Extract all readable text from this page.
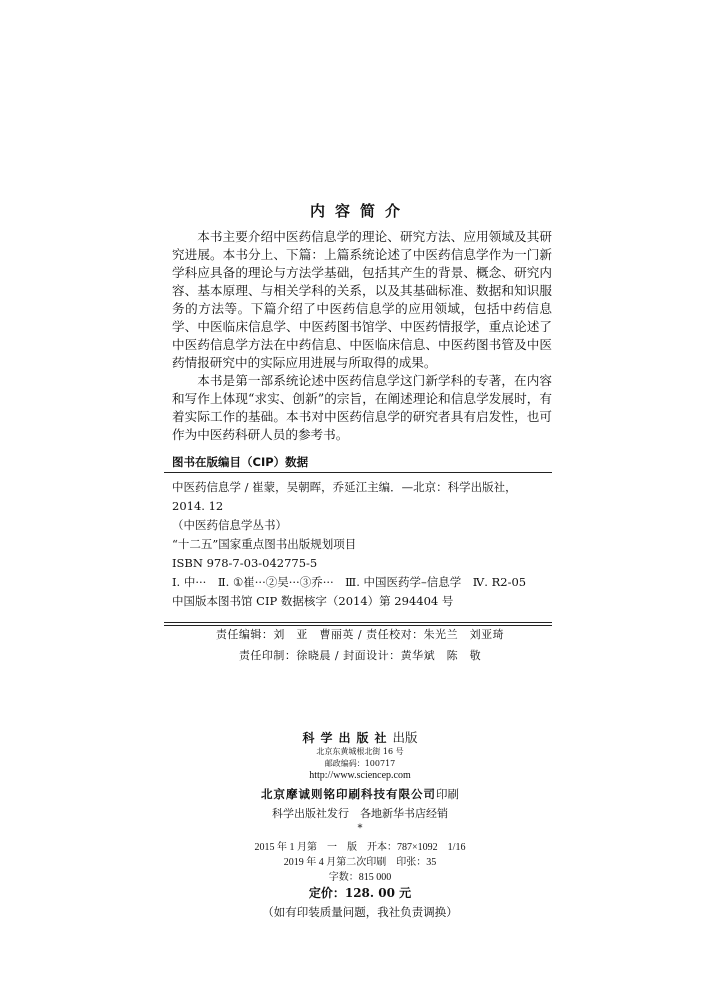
内容简介

本书主要介绍中医药信息学的理论、研究方法、应用领域及其研究进展。本书分上、下篇：上篇系统论述了中医药信息学作为一门新学科应具备的理论与方法学基础，包括其产生的背景、概念、研究内容、基本原理、与相关学科的关系，以及其基础标准、数据和知识服务的方法等。下篇介绍了中医药信息学的应用领域，包括中药信息学、中医临床信息学、中医药图书馆学、中医药情报学，重点论述了中医药信息学方法在中药信息、中医临床信息、中医药图书管及中医药情报研究中的实际应用进展与所取得的成果。

本书是第一部系统论述中医药信息学这门新学科的专著，在内容和写作上体现“求实、创新”的宗旨，在阐述理论和信息学发展时，有着实际工作的基础。本书对中医药信息学的研究者具有启发性，也可作为中医药科研人员的参考书。

图书在版编目（CIP）数据
中医药信息学 / 崔蒙，吴朝晖，乔延江主编．—北京：科学出版社，
2014. 12
（中医药信息学丛书）
“十二五”国家重点图书出版规划项目
ISBN 978-7-03-042775-5
Ⅰ. 中···　Ⅱ. ①崔···②吴···③乔···　Ⅲ. 中国医药学–信息学　Ⅳ. R2-05
中国版本图书馆 CIP 数据核字（2014）第 294404 号
责任编辑：刘　亚　曹丽英 / 责任校对：朱光兰　刘亚琦
责任印制：徐晓晨 / 封面设计：黄华斌　陈　敬
科学出版社出版
北京东黄城根北街 16 号
邮政编码：100717
http://www.sciencep.com
北京摩诚则铭印刷科技有限公司印刷
科学出版社发行　各地新华书店经销
*
2015 年 1 月第　一　版　开本：787×1092　1/16
2019 年 4 月第二次印刷　印张：35
字数：815 000
定价：128. 00 元
（如有印装质量问题，我社负责调换）
